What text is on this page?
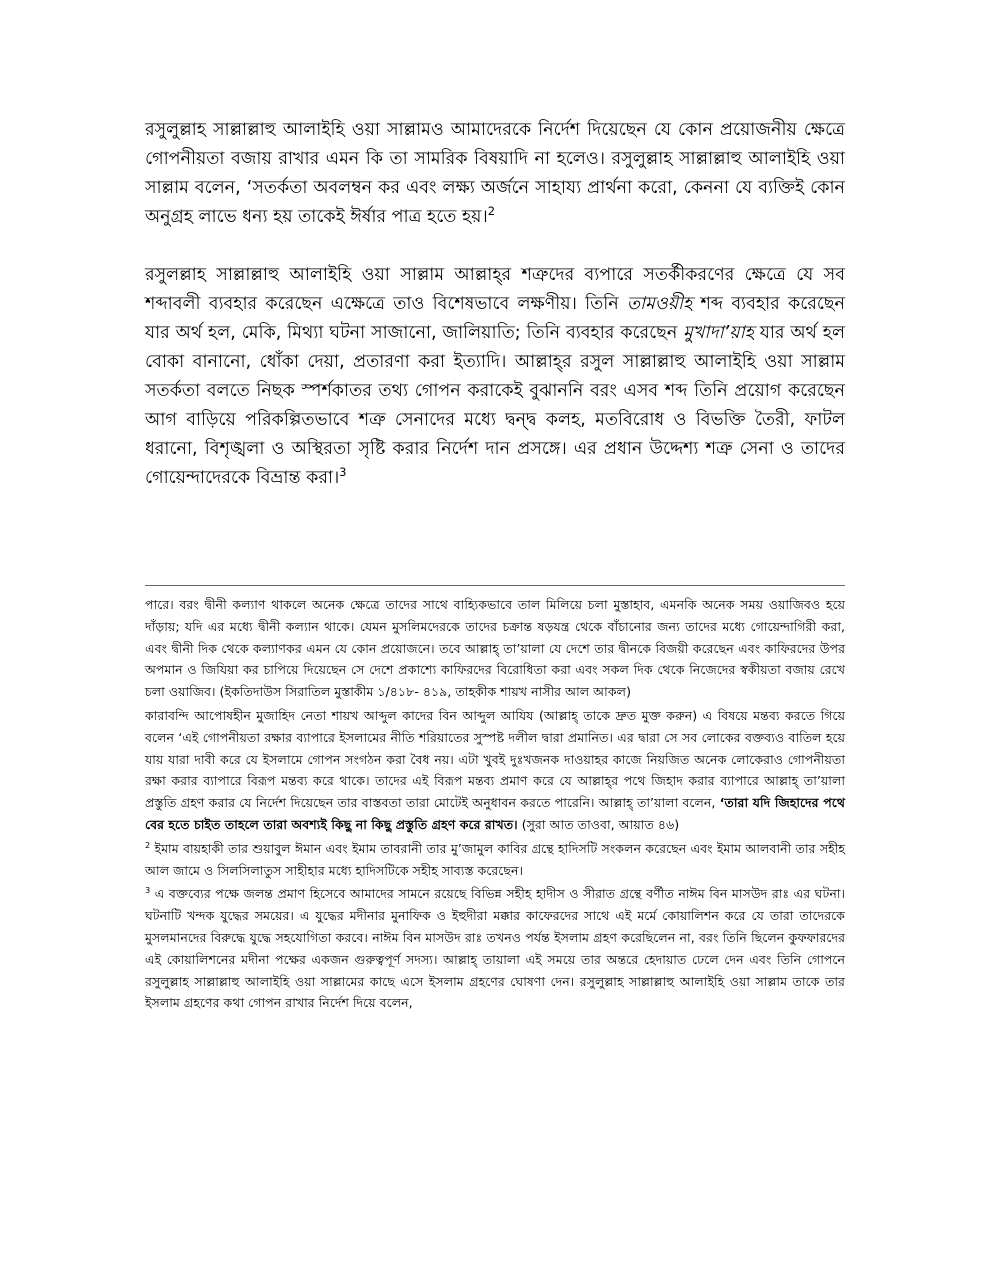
রসুলুল্লাহ সাল্লাল্লাহু আলাইহি ওয়া সাল্লামও আমাদেরকে নির্দেশ দিয়েছেন যে কোন প্রয়োজনীয় ক্ষেত্রে গোপনীয়তা বজায় রাখার এমন কি তা সামরিক বিষয়াদি না হলেও। রসুলুল্লাহ সাল্লাল্লাহু আলাইহি ওয়া সাল্লাম বলেন, ‘সতর্কতা অবলম্বন কর এবং লক্ষ্য অর্জনে সাহায্য প্রার্থনা করো, কেননা যে ব্যক্তিই কোন অনুগ্রহ লাভে ধন্য হয় তাকেই ঈর্ষার পাত্র হতে হয়।$^2$

রসুলল্লাহ সাল্লাল্লাহু আলাইহি ওয়া সাল্লাম আল্লাহ্‌র শত্রুদের ব্যপারে সতর্কীকরণের ক্ষেত্রে যে সব শব্দাবলী ব্যবহার করেছেন এক্ষেত্রে তাও বিশেষভাবে লক্ষণীয়। তিনি তামওয়ীহ শব্দ ব্যবহার করেছেন যার অর্থ হল, মেকি, মিথ্যা ঘটনা সাজানো, জালিয়াতি; তিনি ব্যবহার করেছেন মুখাদা’য়াহ যার অর্থ হল বোকা বানানো, ধোঁকা দেয়া, প্রতারণা করা ইত্যাদি। আল্লাহ্‌র রসুল সাল্লাল্লাহু আলাইহি ওয়া সাল্লাম সতর্কতা বলতে নিছক স্পর্শকাতর তথ্য গোপন করাকেই বুঝাননি বরং এসব শব্দ তিনি প্রয়োগ করেছেন আগ বাড়িয়ে পরিকল্পিতভাবে শত্রু সেনাদের মধ্যে দ্বন্দ্ব কলহ, মতবিরোধ ও বিভক্তি তৈরী, ফাটল ধরানো, বিশৃঙ্খলা ও অস্থিরতা সৃষ্টি করার নির্দেশ দান প্রসঙ্গে। এর প্রধান উদ্দেশ্য শত্রু সেনা ও তাদের গোয়েন্দাদেরকে বিভ্রান্ত করা।$^3$

পারে। বরং দ্বীনী কল্যাণ থাকলে অনেক ক্ষেত্রে তাদের সাথে বাহ্যিকভাবে তাল মিলিয়ে চলা মুস্তাহাব, এমনকি অনেক সময় ওয়াজিবও হয়ে দাঁড়ায়; যদি এর মধ্যে দ্বীনী কল্যান থাকে। যেমন মুসলিমদেরকে তাদের চক্রান্ত ষড়যন্ত্র থেকে বাঁচানোর জন্য তাদের মধ্যে গোয়েন্দাগিরী করা, এবং দ্বীনী দিক থেকে কল্যাণকর এমন যে কোন প্রয়োজনে। তবে আল্লাহ্‌ তা’য়ালা যে দেশে তার দ্বীনকে বিজয়ী করেছেন এবং কাফিরদের উপর অপমান ও জিযিয়া কর চাপিয়ে দিয়েছেন সে দেশে প্রকাশ্যে কাফিরদের বিরোধিতা করা এবং সকল দিক থেকে নিজেদের স্বকীয়তা বজায় রেখে চলা ওয়াজিব। (ইকতিদাউস সিরাতিল মুস্তাকীম ১/৪১৮- ৪১৯, তাহকীক শায়খ নাসীর আল আকল)

কারাবন্দি আপোষহীন মুজাহিদ নেতা শায়খ আব্দুল কাদের বিন আব্দুল আযিয (আল্লাহ্‌ তাকে দ্রুত মুক্ত করুন) এ বিষয়ে মন্তব্য করতে গিয়ে বলেন ‘এই গোপনীয়তা রক্ষার ব্যাপারে ইসলামের নীতি শরিয়াতের সুস্পষ্ট দলীল দ্বারা প্রমানিত। এর দ্বারা সে সব লোকের বক্তব্যও বাতিল হয়ে যায় যারা দাবী করে যে ইসলামে গোপন সংগঠন করা বৈধ নয়। এটা খুবই দুঃখজনক দাওয়াহর কাজে নিয়জিত অনেক লোকেরাও গোপনীয়তা রক্ষা করার ব্যাপারে বিরূপ মন্তব্য করে থাকে। তাদের এই বিরূপ মন্তব্য প্রমাণ করে যে আল্লাহ্‌র পথে জিহাদ করার ব্যাপারে আল্লাহ্‌ তা’য়ালা প্রস্তুতি গ্রহণ করার যে নির্দেশ দিয়েছেন তার বাস্তবতা তারা মোটেই অনুধাবন করতে পারেনি। আল্লাহ্‌ তা’য়ালা বলেন, ‘তারা যদি জিহাদের পথে বের হতে চাইত তাহলে তারা অবশ্যই কিছু না কিছু প্রস্তুতি গ্রহণ করে রাখত। (সুরা আত তাওবা, আয়াত ৪৬)

$^2$ ইমাম বায়হাকী তার শুয়াবুল ঈমান এবং ইমাম তাবরানী তার মু’জামুল কাবির গ্রন্থে হাদিসটি সংকলন করেছেন এবং ইমাম আলবানী তার সহীহ আল জামে ও সিলসিলাতুস সাহীহার মধ্যে হাদিসটিকে সহীহ সাব্যস্ত করেছেন।

$^3$ এ বক্তব্যের পক্ষে জলন্ত প্রমাণ হিসেবে আমাদের সামনে রয়েছে বিভিন্ন সহীহ হাদীস ও সীরাত গ্রন্থে বর্ণীত নাঈম বিন মাসউদ রাঃ এর ঘটনা। ঘটনাটি খন্দক যুদ্ধের সময়ের। এ যুদ্ধের মদীনার মুনাফিক ও ইহুদীরা মক্কার কাফেরদের সাথে এই মর্মে কোয়ালিশন করে যে তারা তাদেরকে মুসলমানদের বিরুদ্ধে যুদ্ধে সহযোগিতা করবে। নাঈম বিন মাসউদ রাঃ তখনও পর্যন্ত ইসলাম গ্রহণ করেছিলেন না, বরং তিনি ছিলেন কুফফারদের এই কোয়ালিশনের মদীনা পক্ষের একজন গুরুত্বপূর্ণ সদস্য। আল্লাহ্‌ তায়ালা এই সময়ে তার অন্তরে হেদায়াত ঢেলে দেন এবং তিনি গোপনে রসুলুল্লাহ সাল্লাল্লাহু আলাইহি ওয়া সাল্লামের কাছে এসে ইসলাম গ্রহণের ঘোষণা দেন। রসুলুল্লাহ সাল্লাল্লাহু আলাইহি ওয়া সাল্লাম তাকে তার ইসলাম গ্রহণের কথা গোপন রাখার নির্দেশ দিয়ে বলেন,
